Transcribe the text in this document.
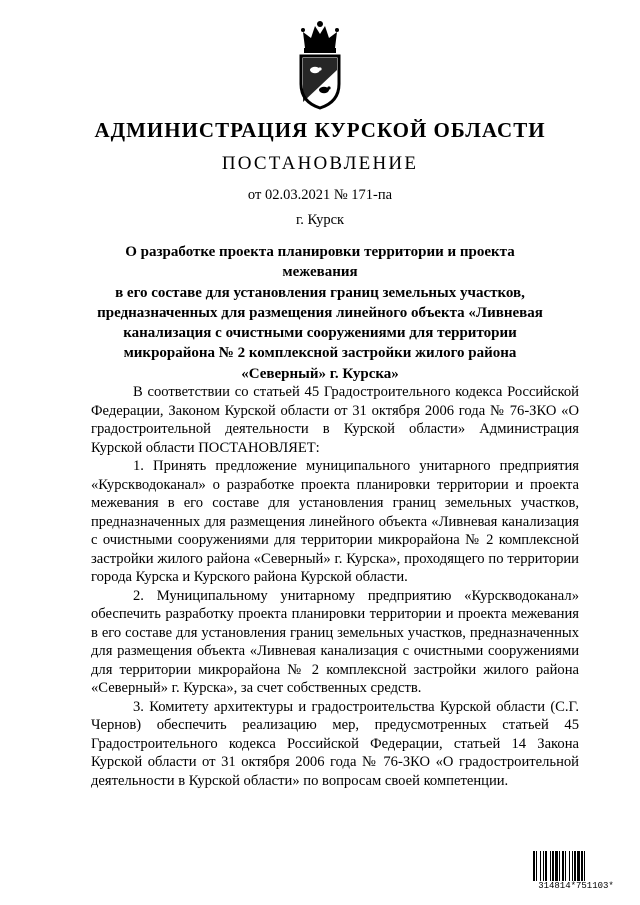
АДМИНИСТРАЦИЯ КУРСКОЙ ОБЛАСТИ
ПОСТАНОВЛЕНИЕ
от 02.03.2021 № 171-па
г. Курск
О разработке проекта планировки территории и проекта межевания
в его составе для установления границ земельных участков,
предназначенных для размещения линейного объекта «Ливневая
канализация с очистными сооружениями для территории
микрорайона № 2 комплексной застройки жилого района
«Северный» г. Курска»

В соответствии со статьей 45 Градостроительного кодекса Российской Федерации, Законом Курской области от 31 октября 2006 года № 76-ЗКО «О градостроительной деятельности в Курской области» Администрация Курской области ПОСТАНОВЛЯЕТ:

1. Принять предложение муниципального унитарного предприятия «Курскводоканал» о разработке проекта планировки территории и проекта межевания в его составе для установления границ земельных участков, предназначенных для размещения линейного объекта «Ливневая канализация с очистными сооружениями для территории микрорайона № 2 комплексной застройки жилого района «Северный» г. Курска», проходящего по территории города Курска и Курского района Курской области.

2. Муниципальному унитарному предприятию «Курскводоканал» обеспечить разработку проекта планировки территории и проекта межевания в его составе для установления границ земельных участков, предназначенных для размещения объекта «Ливневая канализация с очистными сооружениями для территории микрорайона № 2 комплексной застройки жилого района «Северный» г. Курска», за счет собственных средств.

3. Комитету архитектуры и градостроительства Курской области (С.Г. Чернов) обеспечить реализацию мер, предусмотренных статьей 45 Градостроительного кодекса Российской Федерации, статьей 14 Закона Курской области от 31 октября 2006 года № 76-ЗКО «О градостроительной деятельности в Курской области» по вопросам своей компетенции.

314814*751103*
